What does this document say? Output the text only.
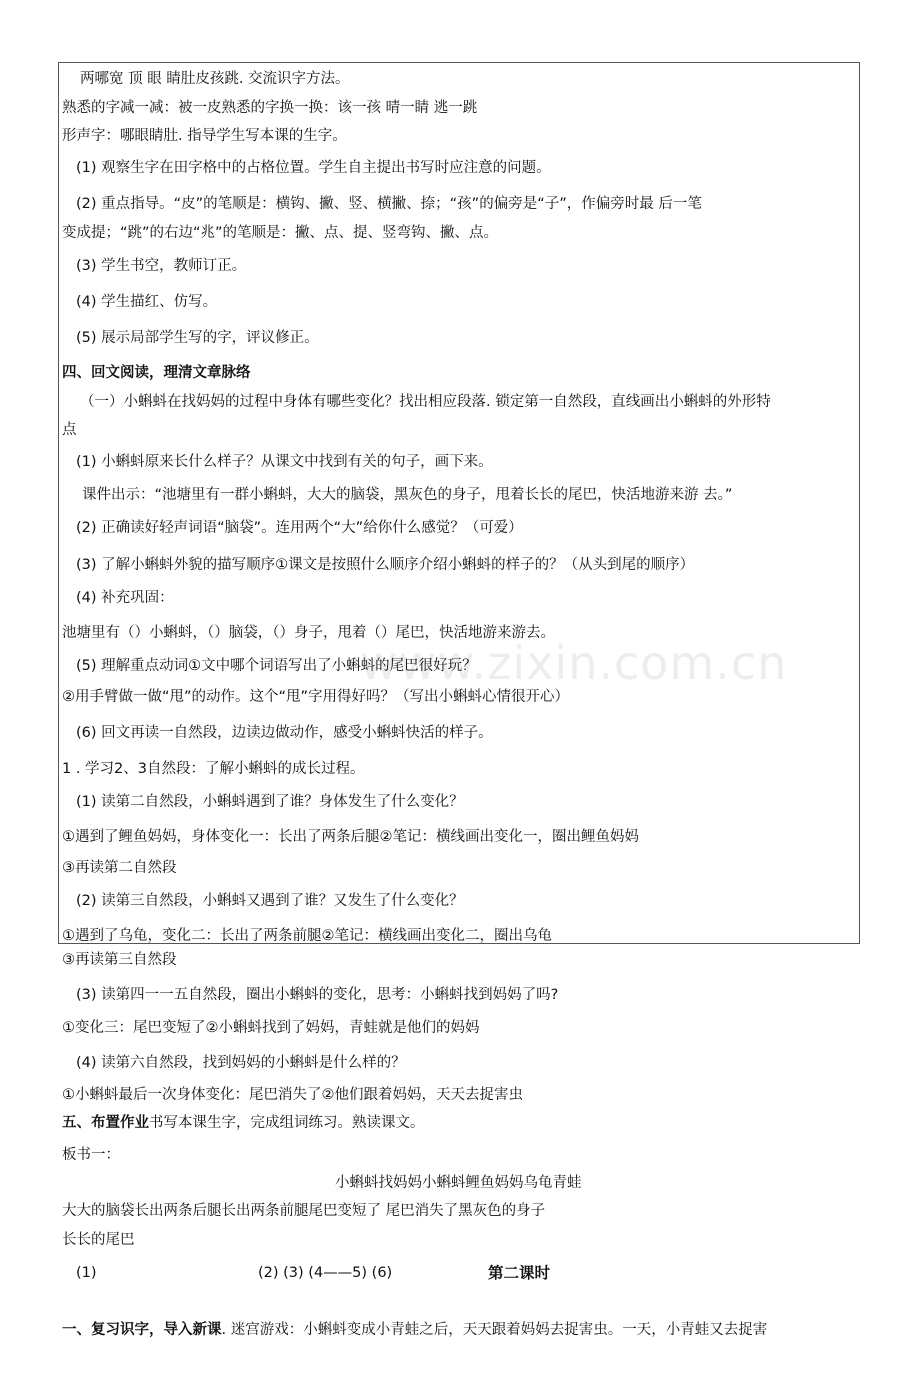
www.zixin.com.cn
两哪宽 顶 眼 睛肚皮孩跳. 交流识字方法。
熟悉的字减一减：被一皮熟悉的字换一换：该一孩 晴一睛 逃一跳
形声字：哪眼睛肚. 指导学生写本课的生字。
(1) 观察生字在田字格中的占格位置。学生自主提出书写时应注意的问题。
(2) 重点指导。“皮”的笔顺是：横钩、撇、竖、横撇、捺；“孩”的偏旁是“子”，作偏旁时最 后一笔
变成提；“跳”的右边“兆”的笔顺是：撇、点、提、竖弯钩、撇、点。
(3) 学生书空，教师订正。
(4) 学生描红、仿写。
(5) 展示局部学生写的字，评议修正。
四、回文阅读，理清文章脉络
（一）小蝌蚪在找妈妈的过程中身体有哪些变化？找出相应段落. 锁定第一自然段，直线画出小蝌蚪的外形特
点
(1) 小蝌蚪原来长什么样子？从课文中找到有关的句子，画下来。
课件出示：“池塘里有一群小蝌蚪，大大的脑袋，黑灰色的身子，甩着长长的尾巴，快活地游来游 去。”
(2) 正确读好轻声词语“脑袋”。连用两个“大”给你什么感觉？（可爱）
(3) 了解小蝌蚪外貌的描写顺序①课文是按照什么顺序介绍小蝌蚪的样子的？（从头到尾的顺序）
(4) 补充巩固：
池塘里有（）小蝌蚪，（）脑袋，（）身子，甩着（）尾巴，快活地游来游去。
(5) 理解重点动词①文中哪个词语写出了小蝌蚪的尾巴很好玩？
②用手臂做一做“甩”的动作。这个“甩”字用得好吗？（写出小蝌蚪心情很开心）
(6) 回文再读一自然段，边读边做动作，感受小蝌蚪快活的样子。
1 . 学习2、3自然段：了解小蝌蚪的成长过程。
(1) 读第二自然段，小蝌蚪遇到了谁？身体发生了什么变化？
①遇到了鲤鱼妈妈，身体变化一：长出了两条后腿②笔记：横线画出变化一，圈出鲤鱼妈妈
③再读第二自然段
(2) 读第三自然段，小蝌蚪又遇到了谁？又发生了什么变化？
①遇到了乌龟，变化二：长出了两条前腿②笔记：横线画出变化二，圈出乌龟
③再读第三自然段
(3) 读第四一一五自然段，圈出小蝌蚪的变化，思考：小蝌蚪找到妈妈了吗?
①变化三：尾巴变短了②小蝌蚪找到了妈妈，青蛙就是他们的妈妈
(4) 读第六自然段，找到妈妈的小蝌蚪是什么样的？
①小蝌蚪最后一次身体变化：尾巴消失了②他们跟着妈妈，天天去捉害虫
五、布置作业书写本课生字，完成组词练习。熟读课文。
板书一：
小蝌蚪找妈妈小蝌蚪鲤鱼妈妈乌龟青蛙
大大的脑袋长出两条后腿长出两条前腿尾巴变短了 尾巴消失了黑灰色的身子
长长的尾巴
(1)	(2) (3) (4——5) (6)	第二课时
一、复习识字，导入新课. 迷宫游戏：小蝌蚪变成小青蛙之后，天天跟着妈妈去捉害虫。一天，小青蛙又去捉害
